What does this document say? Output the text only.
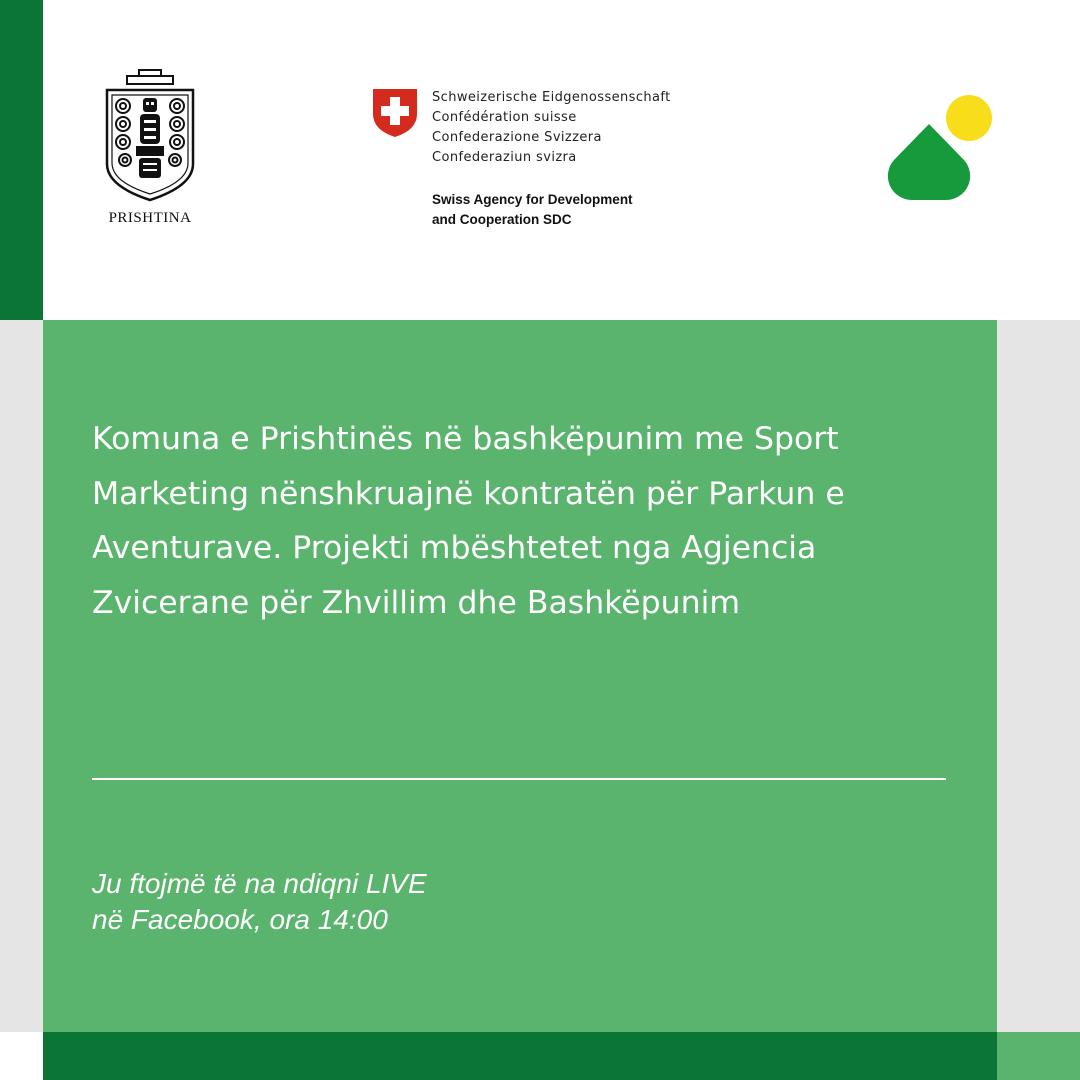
PRISHTINA
Schweizerische Eidgenossenschaft
Confédération suisse
Confederazione Svizzera
Confederaziun svizra
Swiss Agency for Development
and Cooperation SDC

Komuna e Prishtinës në bashkëpunim me Sport Marketing nënshkruajnë kontratën për Parkun e Aventurave. Projekti mbështetet nga Agjencia Zvicerane për Zhvillim dhe Bashkëpunim

Ju ftojmë të na ndiqni LIVE
në Facebook, ora 14:00
